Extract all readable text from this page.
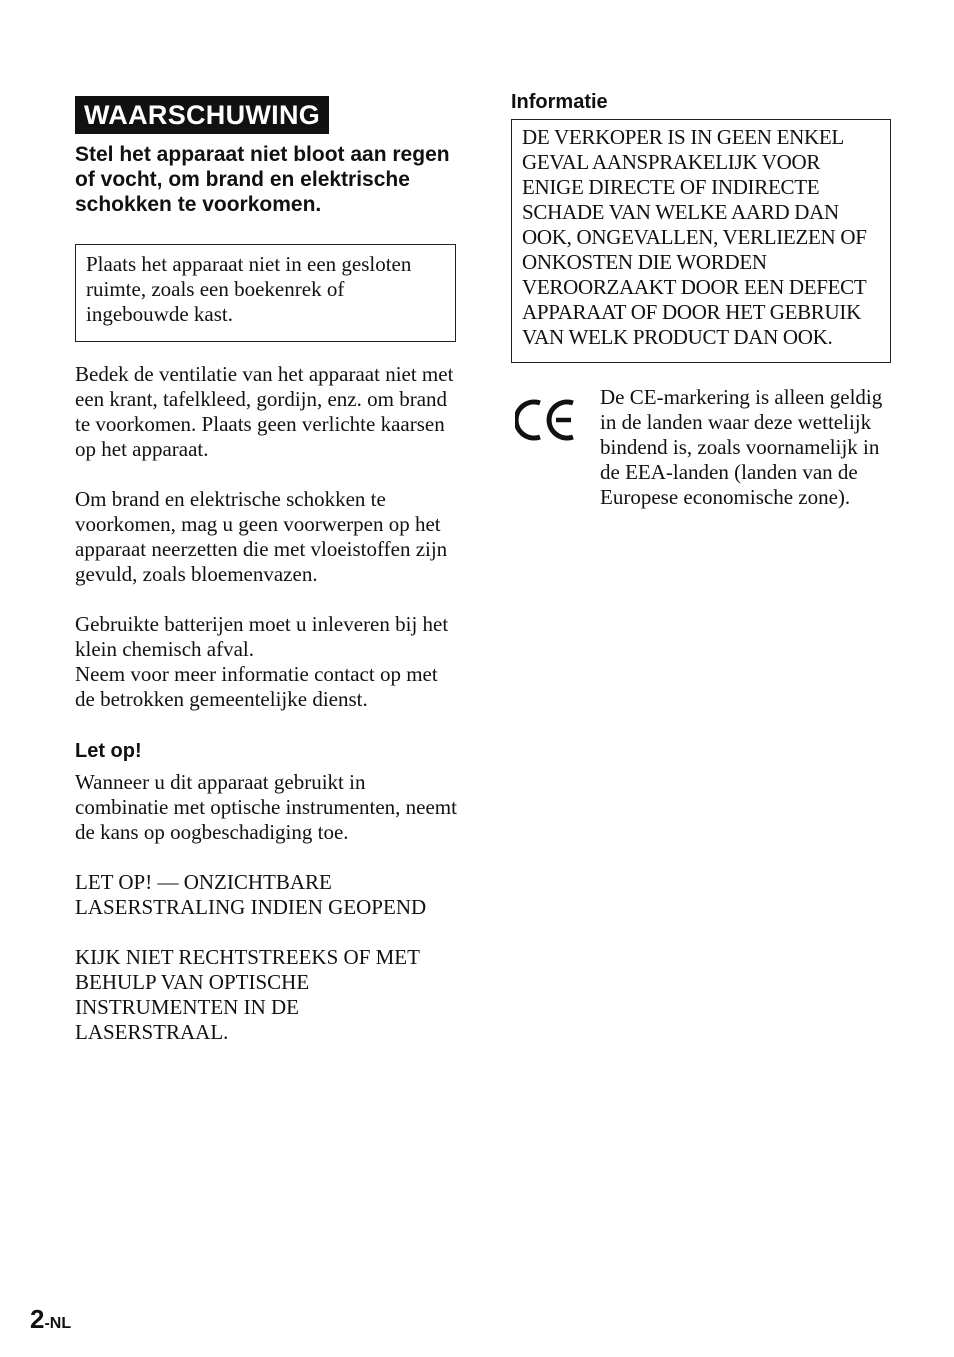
WAARSCHUWING

Stel het apparaat niet bloot aan regen of vocht, om brand en elektrische schokken te voorkomen.

Plaats het apparaat niet in een gesloten ruimte, zoals een boekenrek of ingebouwde kast.

Bedek de ventilatie van het apparaat niet met een krant, tafelkleed, gordijn, enz. om brand te voorkomen. Plaats geen verlichte kaarsen op het apparaat.

Om brand en elektrische schokken te voorkomen, mag u geen voorwerpen op het apparaat neerzetten die met vloeistoffen zijn gevuld, zoals bloemenvazen.

Gebruikte batterijen moet u inleveren bij het klein chemisch afval.

Neem voor meer informatie contact op met de betrokken gemeentelijke dienst.

Let op!

Wanneer u dit apparaat gebruikt in combinatie met optische instrumenten, neemt de kans op oogbeschadiging toe.

LET OP! — ONZICHTBARE LASERSTRALING INDIEN GEOPEND

KIJK NIET RECHTSTREEKS OF MET BEHULP VAN OPTISCHE INSTRUMENTEN IN DE LASERSTRAAL.

Informatie

DE VERKOPER IS IN GEEN ENKEL GEVAL AANSPRAKELIJK VOOR ENIGE DIRECTE OF INDIRECTE SCHADE VAN WELKE AARD DAN OOK, ONGEVALLEN, VERLIEZEN OF ONKOSTEN DIE WORDEN VEROORZAAKT DOOR EEN DEFECT APPARAAT OF DOOR HET GEBRUIK VAN WELK PRODUCT DAN OOK.

De CE-markering is alleen geldig in de landen waar deze wettelijk bindend is, zoals voornamelijk in de EEA-landen (landen van de Europese economische zone).

2-NL
